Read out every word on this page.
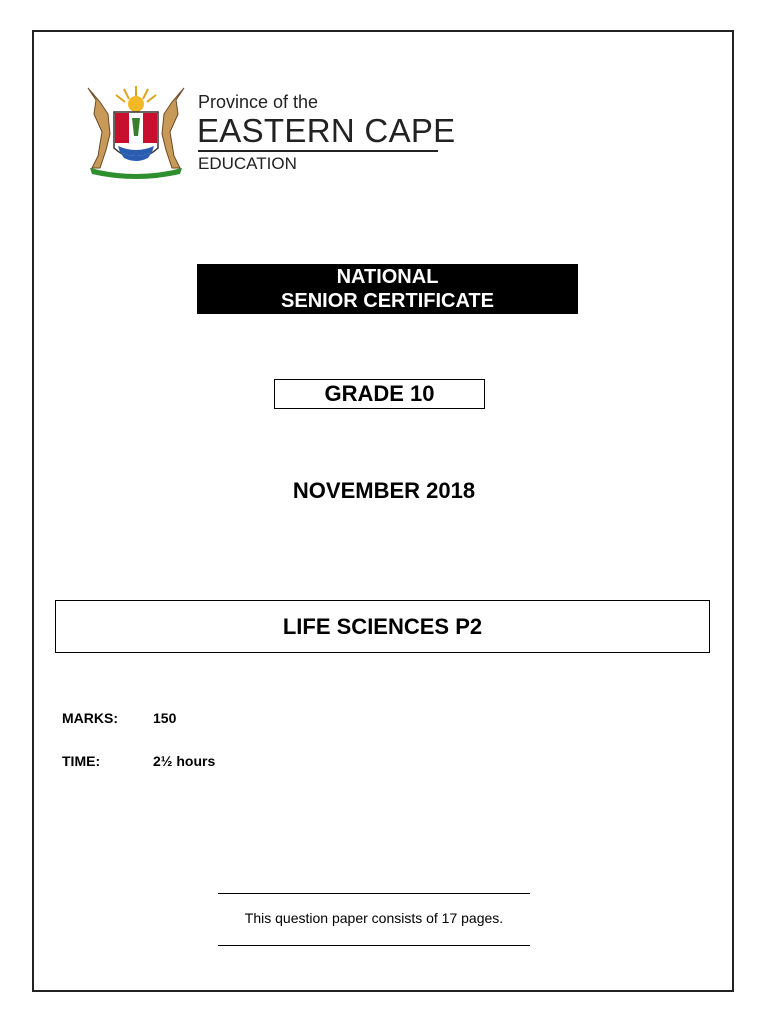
Province of the
EASTERN CAPE
EDUCATION
NATIONAL
SENIOR CERTIFICATE
GRADE 10
NOVEMBER 2018
LIFE SCIENCES P2
MARKS:	150
TIME:	2½ hours
This question paper consists of 17 pages.
